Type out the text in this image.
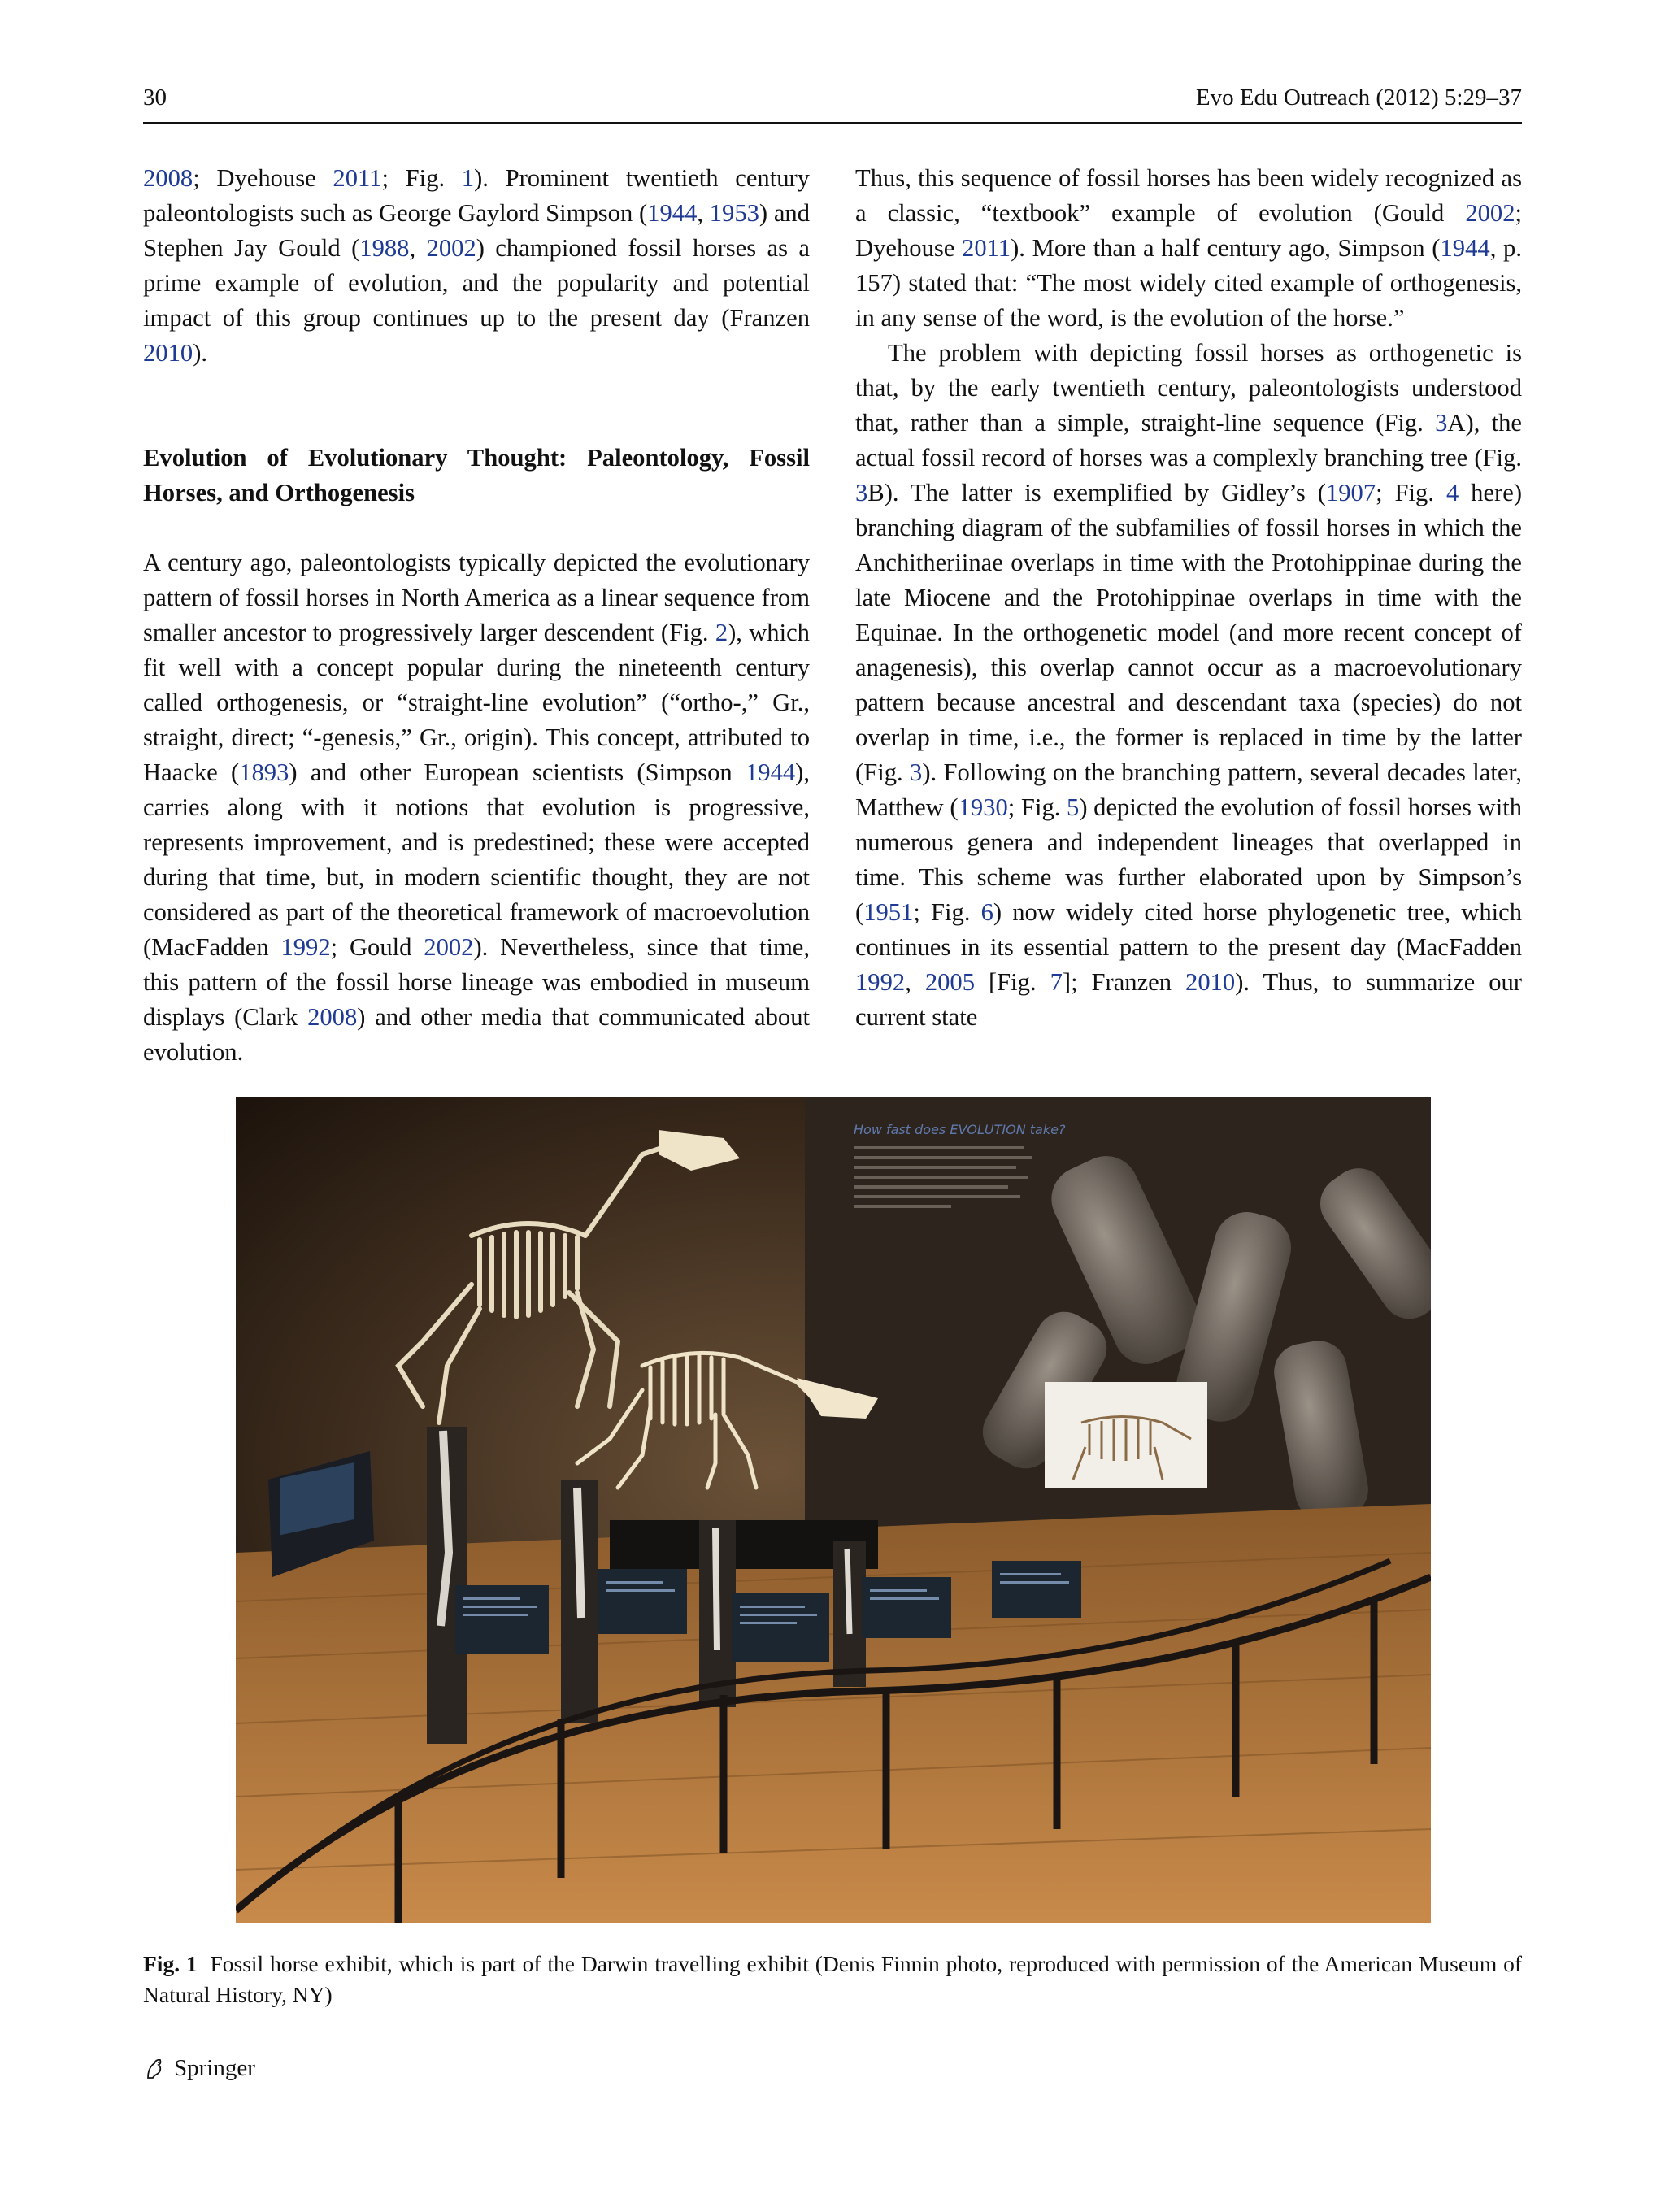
30	Evo Edu Outreach (2012) 5:29–37

2008; Dyehouse 2011; Fig. 1). Prominent twentieth century paleontologists such as George Gaylord Simpson (1944, 1953) and Stephen Jay Gould (1988, 2002) championed fossil horses as a prime example of evolution, and the popularity and potential impact of this group continues up to the present day (Franzen 2010).

Evolution of Evolutionary Thought: Paleontology, Fossil Horses, and Orthogenesis

A century ago, paleontologists typically depicted the evolutionary pattern of fossil horses in North America as a linear sequence from smaller ancestor to progressively larger descendent (Fig. 2), which fit well with a concept popular during the nineteenth century called orthogenesis, or “straight-line evolution” (“ortho-,” Gr., straight, direct; “-genesis,” Gr., origin). This concept, attributed to Haacke (1893) and other European scientists (Simpson 1944), carries along with it notions that evolution is progressive, represents improvement, and is predestined; these were accepted during that time, but, in modern scientific thought, they are not considered as part of the theoretical framework of macroevolution (MacFadden 1992; Gould 2002). Nevertheless, since that time, this pattern of the fossil horse lineage was embodied in museum displays (Clark 2008) and other media that communicated about evolution.

Thus, this sequence of fossil horses has been widely recognized as a classic, “textbook” example of evolution (Gould 2002; Dyehouse 2011). More than a half century ago, Simpson (1944, p. 157) stated that: “The most widely cited example of orthogenesis, in any sense of the word, is the evolution of the horse.”

The problem with depicting fossil horses as orthogenetic is that, by the early twentieth century, paleontologists understood that, rather than a simple, straight-line sequence (Fig. 3A), the actual fossil record of horses was a complexly branching tree (Fig. 3B). The latter is exemplified by Gidley’s (1907; Fig. 4 here) branching diagram of the subfamilies of fossil horses in which the Anchitheriinae overlaps in time with the Protohippinae during the late Miocene and the Protohippinae overlaps in time with the Equinae. In the orthogenetic model (and more recent concept of anagenesis), this overlap cannot occur as a macroevolutionary pattern because ancestral and descendant taxa (species) do not overlap in time, i.e., the former is replaced in time by the latter (Fig. 3). Following on the branching pattern, several decades later, Matthew (1930; Fig. 5) depicted the evolution of fossil horses with numerous genera and independent lineages that overlapped in time. This scheme was further elaborated upon by Simpson’s (1951; Fig. 6) now widely cited horse phylogenetic tree, which continues in its essential pattern to the present day (MacFadden 1992, 2005 [Fig. 7]; Franzen 2010). Thus, to summarize our current state

How fast does EVOLUTION take?
Fig. 1 Fossil horse exhibit, which is part of the Darwin travelling exhibit (Denis Finnin photo, reproduced with permission of the American Museum of Natural History, NY)
Springer
